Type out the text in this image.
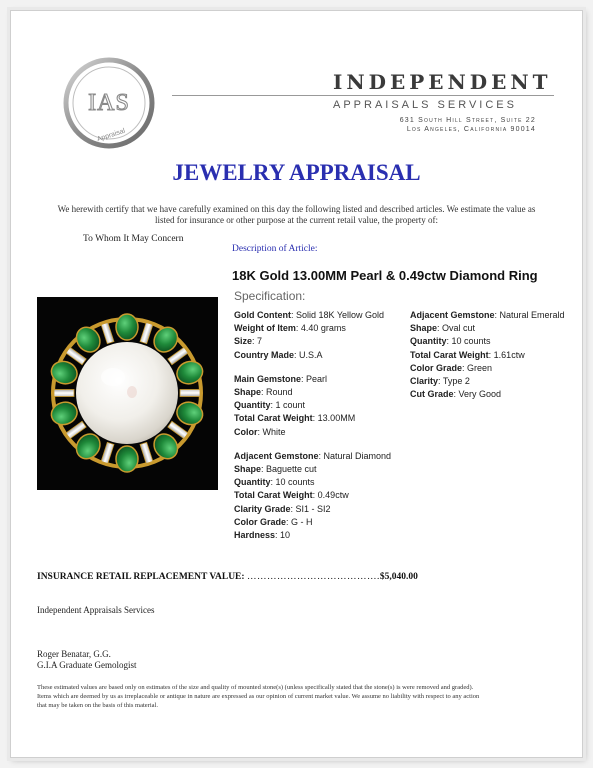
IAS
Appraisal
INDEPENDENT
APPRAISALS SERVICES
631 South Hill Street, Suite 22
Los Angeles, California 90014
JEWELRY APPRAISAL
We herewith certify that we have carefully examined on this day the following listed and described articles. We estimate the value as listed for insurance or other purpose at the current retail value, the property of:
To Whom It May Concern
Description of Article:
18K Gold 13.00MM Pearl & 0.49ctw Diamond Ring
Specification:
Gold Content: Solid 18K Yellow Gold
Weight of Item: 4.40 grams
Size: 7
Country Made: U.S.A
Main Gemstone: Pearl
Shape: Round
Quantity: 1 count
Total Carat Weight: 13.00MM
Color: White
Adjacent Gemstone: Natural Diamond
Shape: Baguette cut
Quantity: 10 counts
Total Carat Weight: 0.49ctw
Clarity Grade: SI1 - SI2
Color Grade: G - H
Hardness: 10
Adjacent Gemstone: Natural Emerald
Shape: Oval cut
Quantity: 10 counts
Total Carat Weight: 1.61ctw
Color Grade: Green
Clarity: Type 2
Cut Grade: Very Good
INSURANCE RETAIL REPLACEMENT VALUE: ………………………………….$5,040.00
Independent Appraisals Services
Roger Benatar, G.G.
G.I.A Graduate Gemologist
These estimated values are based only on estimates of the size and quality of mounted stone(s) (unless specifically stated that the stone(s) is were removed and graded). Items which are deemed by us as irreplaceable or antique in nature are expressed as our opinion of current market value. We assume no liability with respect to any action that may be taken on the basis of this material.
